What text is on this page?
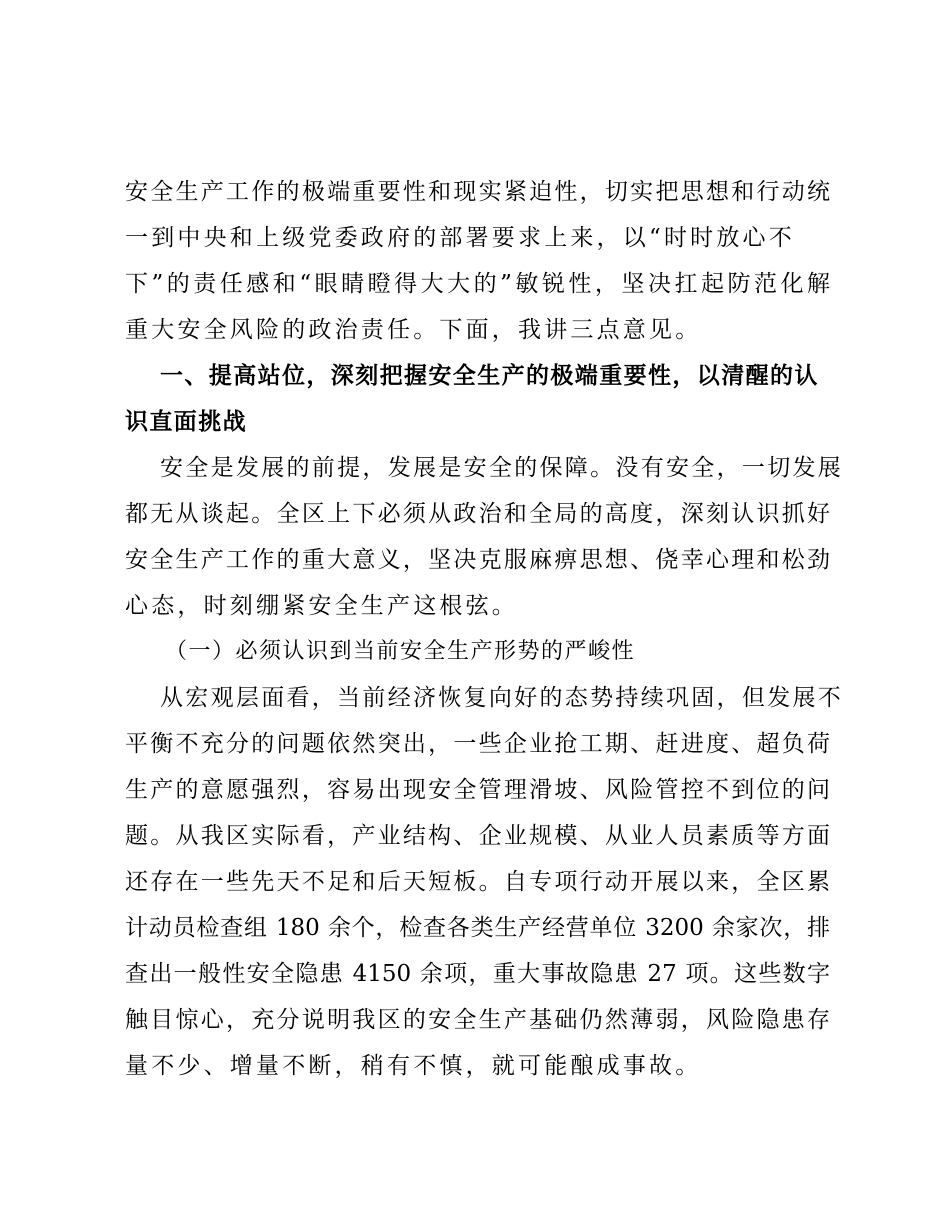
安全生产工作的极端重要性和现实紧迫性，切实把思想和行动统
一到中央和上级党委政府的部署要求上来，以“时时放心不
下”的责任感和“眼睛瞪得大大的”敏锐性，坚决扛起防范化解
重大安全风险的政治责任。下面，我讲三点意见。
一、提高站位，深刻把握安全生产的极端重要性，以清醒的认
识直面挑战
安全是发展的前提，发展是安全的保障。没有安全，一切发展
都无从谈起。全区上下必须从政治和全局的高度，深刻认识抓好
安全生产工作的重大意义，坚决克服麻痹思想、侥幸心理和松劲
心态，时刻绷紧安全生产这根弦。
（一）必须认识到当前安全生产形势的严峻性
从宏观层面看，当前经济恢复向好的态势持续巩固，但发展不
平衡不充分的问题依然突出，一些企业抢工期、赶进度、超负荷
生产的意愿强烈，容易出现安全管理滑坡、风险管控不到位的问
题。从我区实际看，产业结构、企业规模、从业人员素质等方面
还存在一些先天不足和后天短板。自专项行动开展以来，全区累
计动员检查组 180 余个，检查各类生产经营单位 3200 余家次，排
查出一般性安全隐患 4150 余项，重大事故隐患 27 项。这些数字
触目惊心，充分说明我区的安全生产基础仍然薄弱，风险隐患存
量不少、增量不断，稍有不慎，就可能酿成事故。
